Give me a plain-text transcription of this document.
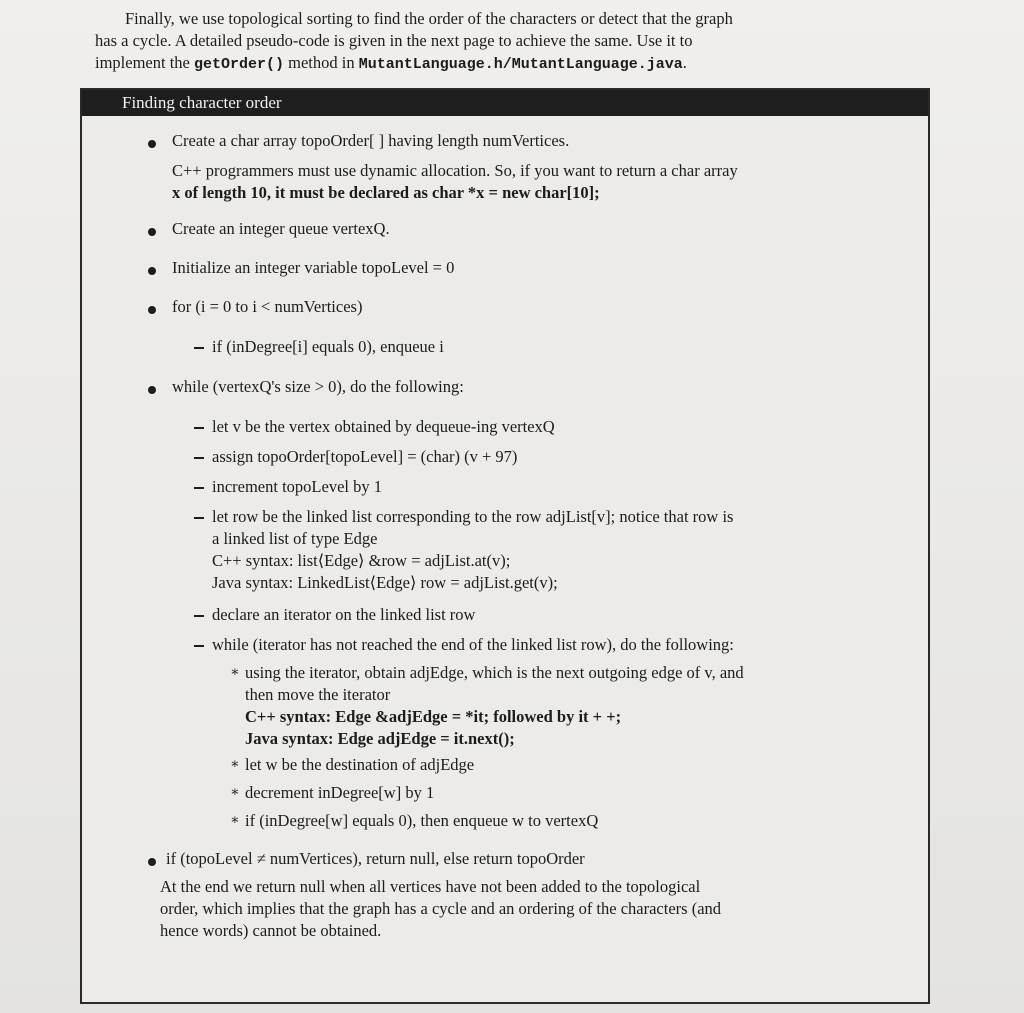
Finally, we use topological sorting to find the order of the characters or detect that the graph
has a cycle. A detailed pseudo-code is given in the next page to achieve the same. Use it to
implement the getOrder() method in MutantLanguage.h/MutantLanguage.java.
Finding character order
Create a char array topoOrder[ ] having length numVertices.
C++ programmers must use dynamic allocation. So, if you want to return a char array
x of length 10, it must be declared as char *x = new char[10];
Create an integer queue vertexQ.
Initialize an integer variable topoLevel = 0
for (i = 0 to i < numVertices)
if (inDegree[i] equals 0), enqueue i
while (vertexQ's size > 0), do the following:
let v be the vertex obtained by dequeue-ing vertexQ
assign topoOrder[topoLevel] = (char) (v + 97)
increment topoLevel by 1
let row be the linked list corresponding to the row adjList[v]; notice that row is
a linked list of type Edge
C++ syntax: list⟨Edge⟩ &row = adjList.at(v);
Java syntax: LinkedList⟨Edge⟩ row = adjList.get(v);
declare an iterator on the linked list row
while (iterator has not reached the end of the linked list row), do the following:
∗ using the iterator, obtain adjEdge, which is the next outgoing edge of v, and
then move the iterator
C++ syntax: Edge &adjEdge = *it; followed by it + +;
Java syntax: Edge adjEdge = it.next();
∗ let w be the destination of adjEdge
∗ decrement inDegree[w] by 1
∗ if (inDegree[w] equals 0), then enqueue w to vertexQ
if (topoLevel ≠ numVertices), return null, else return topoOrder
At the end we return null when all vertices have not been added to the topological
order, which implies that the graph has a cycle and an ordering of the characters (and
hence words) cannot be obtained.
